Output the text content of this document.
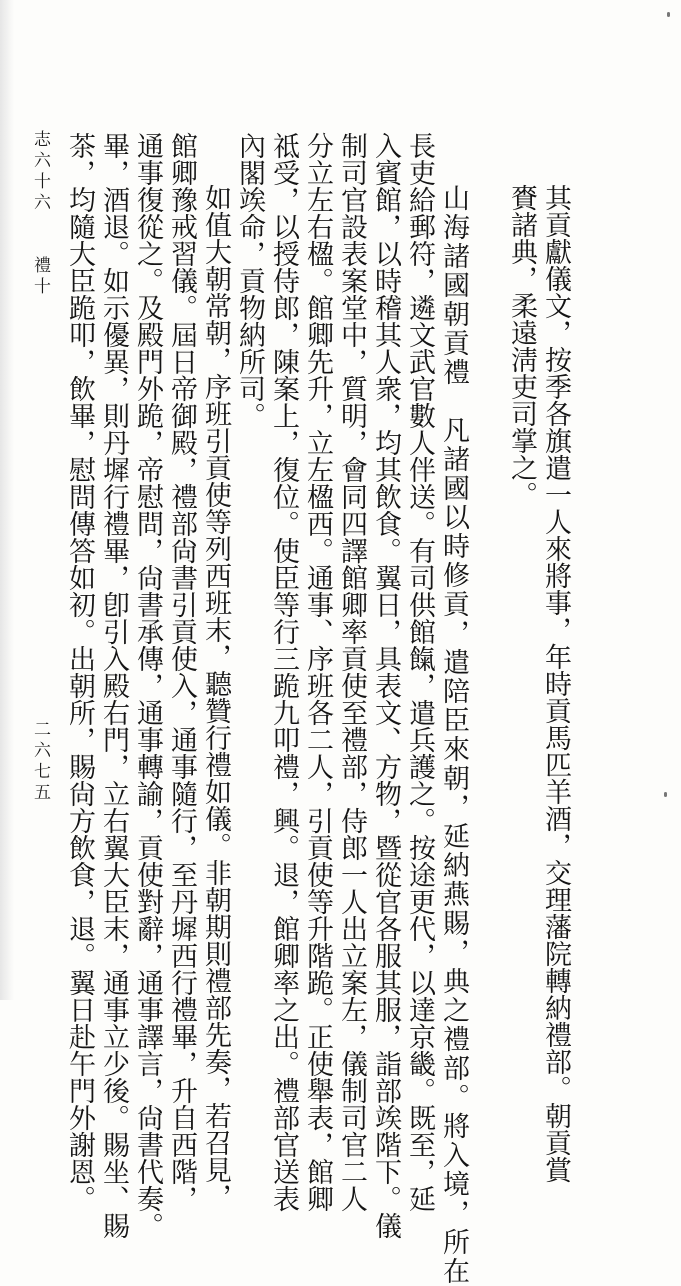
其貢獻儀文，按季各旗遣一人來將事，年時貢馬匹羊酒，交理藩院轉納禮部。朝貢賞
賚諸典，柔遠淸吏司掌之。
山海諸國朝貢禮　凡諸國以時修貢，遣陪臣來朝，延納燕賜，典之禮部。將入境，所在
長吏給郵符，遴文武官數人伴送。有司供館餼，遣兵護之。按途更代，以達京畿。既至，延
入賓館，以時稽其人衆，均其飲食。翼日，具表文、方物，暨從官各服其服，詣部竢階下。儀
制司官設表案堂中，質明，會同四譯館卿率貢使至禮部，侍郎一人出立案左，儀制司官二人
分立左右楹。館卿先升，立左楹西。通事、序班各二人，引貢使等升階跪。正使舉表，館卿
祗受，以授侍郎，陳案上，復位。使臣等行三跪九叩禮，興。退，館卿率之出。禮部官送表
內閣竢命，貢物納所司。
如值大朝常朝，序班引貢使等列西班末，聽贊行禮如儀。非朝期則禮部先奏，若召見，
館卿豫戒習儀。屆日帝御殿，禮部尙書引貢使入，通事隨行，至丹墀西行禮畢，升自西階，
通事復從之。及殿門外跪，帝慰問，尙書承傳，通事轉諭，貢使對辭，通事譯言，尙書代奏。
畢，酒退。如示優異，則丹墀行禮畢，卽引入殿右門，立右翼大臣末，通事立少後。賜坐、賜
茶，均隨大臣跪叩，飲畢，慰問傳答如初。出朝所，賜尙方飲食，退。翼日赴午門外謝恩。
志六十六　　禮十
二六七五
